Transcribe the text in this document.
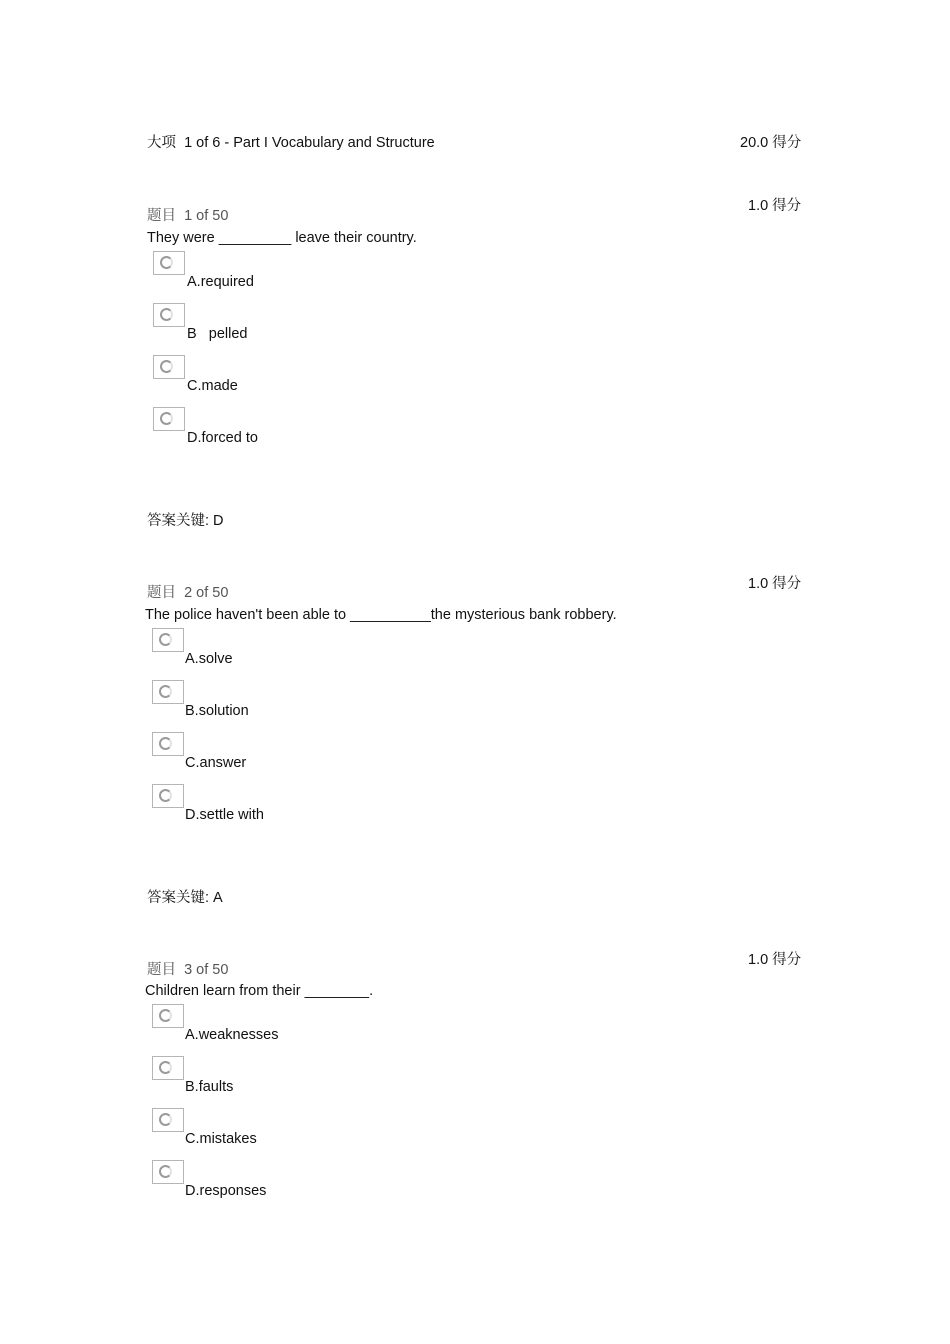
大项 1 of 6 - Part I Vocabulary and Structure	20.0 得分
1.0 得分
题目 1 of 50
They were _________ leave their country.
A.required
B   pelled
C.made
D.forced to
答案关键: D
1.0 得分
题目 2 of 50
The police haven't been able to __________the mysterious bank robbery.
A.solve
B.solution
C.answer
D.settle with
答案关键: A
1.0 得分
题目 3 of 50
Children learn from their ________.
A.weaknesses
B.faults
C.mistakes
D.responses
